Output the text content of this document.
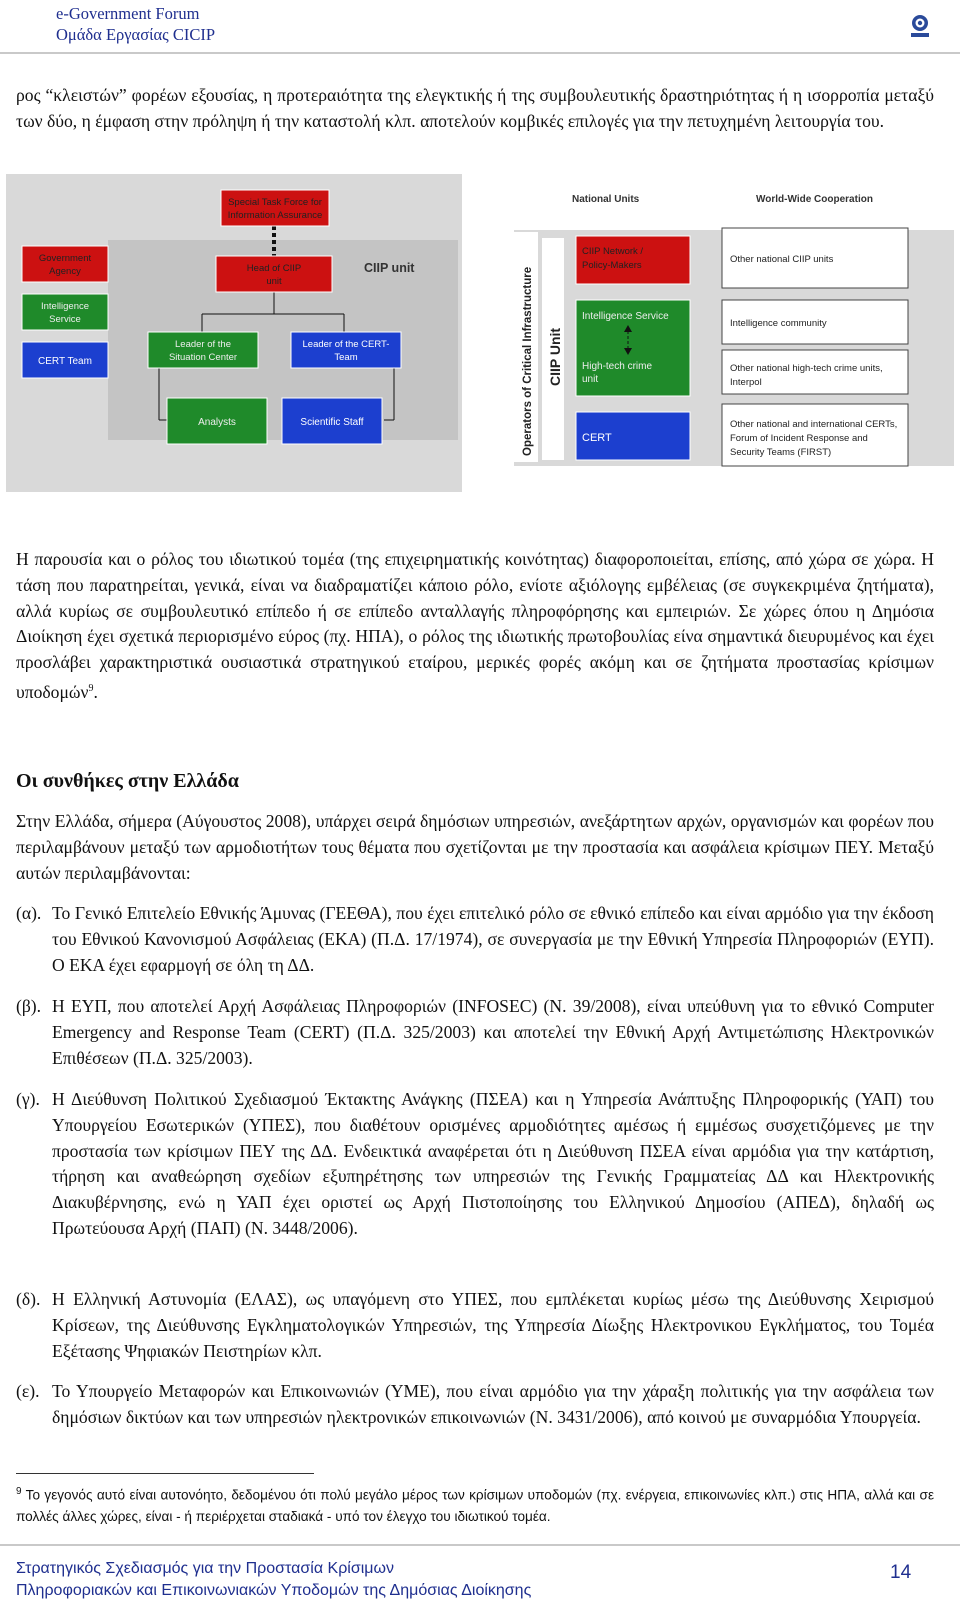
e-Government Forum
Ομάδα Εργασίας CICIP
ρος “κλειστών” φορέων εξουσίας, η προτεραιότητα της ελεγκτικής ή της συμβουλευτικής δραστηριότητας ή η ισορροπία μεταξύ των δύο, η έμφαση στην πρόληψη ή την καταστολή κλπ. αποτελούν κομβικές επιλογές για την πετυχημένη λειτουργία του.
Special Task Force for
Information Assurance
Government
Agency	Head of CIIP
unit
CIIP unit
Intelligence
Service
CERT Team
Leader of the
Situation Center
Leader of the CERT-
Team
Analysts	Scientific Staff
National Units	World-Wide Cooperation
Operators of Critical Infrastructure CIIP Unit
CIIP Network /
Policy-Makers
Intelligence Service
High-tech crime
unit
CERT
Other national CIIP units
Intelligence community
Other national high-tech crime units,
Interpol
Other national and international CERTs,
Forum of Incident Response and
Security Teams (FIRST)
Η παρουσία και ο ρόλος του ιδιωτικού τομέα (της επιχειρηματικής κοινότητας) διαφοροποιείται, επίσης, από χώρα σε χώρα. Η τάση που παρατηρείται, γενικά, είναι να διαδραματίζει κάποιο ρόλο, ενίοτε αξιόλογης εμβέλειας (σε συγκεκριμένα ζητήματα), αλλά κυρίως σε συμβουλευτικό επίπεδο ή σε επίπεδο ανταλλαγής πληροφόρησης και εμπειριών. Σε χώρες όπου η Δημόσια Διοίκηση έχει σχετικά περιορισμένο εύρος (πχ. ΗΠΑ), ο ρόλος της ιδιωτικής πρωτοβουλίας είνα σημαντικά διευρυμένος και έχει προσλάβει χαρακτηριστικά ουσιαστικά στρατηγικού εταίρου, μερικές φορές ακόμη και σε ζητήματα προστασίας κρίσιμων υποδομών$^9$.
Οι συνθήκες στην Ελλάδα
Στην Ελλάδα, σήμερα (Αύγουστος 2008), υπάρχει σειρά δημόσιων υπηρεσιών, ανεξάρτητων αρχών, οργανισμών και φορέων που περιλαμβάνουν μεταξύ των αρμοδιοτήτων τους θέματα που σχετίζονται με την προστασία και ασφάλεια κρίσιμων ΠΕΥ. Μεταξύ αυτών περιλαμβάνονται:
(α). Το Γενικό Επιτελείο Εθνικής Άμυνας (ΓΕΕΘΑ), που έχει επιτελικό ρόλο σε εθνικό επίπεδο και είναι αρμόδιο για την έκδοση του Εθνικού Κανονισμού Ασφάλειας (ΕΚΑ) (Π.Δ. 17/1974), σε συνεργασία με την Εθνική Υπηρεσία Πληροφοριών (ΕΥΠ). Ο ΕΚΑ έχει εφαρμογή σε όλη τη ΔΔ.
(β). Η ΕΥΠ, που αποτελεί Αρχή Ασφάλειας Πληροφοριών (INFOSEC) (Ν. 39/2008), είναι υπεύθυνη για το εθνικό Computer Emergency and Response Team (CERT) (Π.Δ. 325/2003) και αποτελεί την Εθνική Αρχή Αντιμετώπισης Ηλεκτρονικών Επιθέσεων (Π.Δ. 325/2003).
(γ). Η Διεύθυνση Πολιτικού Σχεδιασμού Έκτακτης Ανάγκης (ΠΣΕΑ) και η Υπηρεσία Ανάπτυξης Πληροφορικής (ΥΑΠ) του Υπουργείου Εσωτερικών (ΥΠΕΣ), που διαθέτουν ορισμένες αρμοδιότητες αμέσως ή εμμέσως συσχετιζόμενες με την προστασία των κρίσιμων ΠΕΥ της ΔΔ. Ενδεικτικά αναφέρεται ότι η Διεύθυνση ΠΣΕΑ είναι αρμόδια για την κατάρτιση, τήρηση και αναθεώρηση σχεδίων εξυπηρέτησης των υπηρεσιών της Γενικής Γραμματείας ΔΔ και Ηλεκτρονικής Διακυβέρνησης, ενώ η ΥΑΠ έχει οριστεί ως Αρχή Πιστοποίησης του Ελληνικού Δημοσίου (ΑΠΕΔ), δηλαδή ως Πρωτεύουσα Αρχή (ΠΑΠ) (Ν. 3448/2006).
(δ). Η Ελληνική Αστυνομία (ΕΛΑΣ), ως υπαγόμενη στο ΥΠΕΣ, που εμπλέκεται κυρίως μέσω της Διεύθυνσης Χειρισμού Κρίσεων, της Διεύθυνσης Εγκληματολογικών Υπηρεσιών, της Υπηρεσία Δίωξης Ηλεκτρονικου Εγκλήματος, του Τομέα Εξέτασης Ψηφιακών Πειστηρίων κλπ.
(ε). Το Υπουργείο Μεταφορών και Επικοινωνιών (ΥΜΕ), που είναι αρμόδιο για την χάραξη πολιτικής για την ασφάλεια των δημόσιων δικτύων και των υπηρεσιών ηλεκτρονικών επικοινωνιών (Ν. 3431/2006), από κοινού με συναρμόδια Υπουργεία.
$^9$ Το γεγονός αυτό είναι αυτονόητο, δεδομένου ότι πολύ μεγάλο μέρος των κρίσιμων υποδομών (πχ. ενέργεια, επικοινωνίες κλπ.) στις ΗΠΑ, αλλά και σε πολλές άλλες χώρες, είναι - ή περιέρχεται σταδιακά - υπό τον έλεγχο του ιδιωτικού τομέα.
Στρατηγικός Σχεδιασμός για την Προστασία Κρίσιμων
Πληροφοριακών και Επικοινωνιακών Υποδομών της Δημόσιας Διοίκησης
14
